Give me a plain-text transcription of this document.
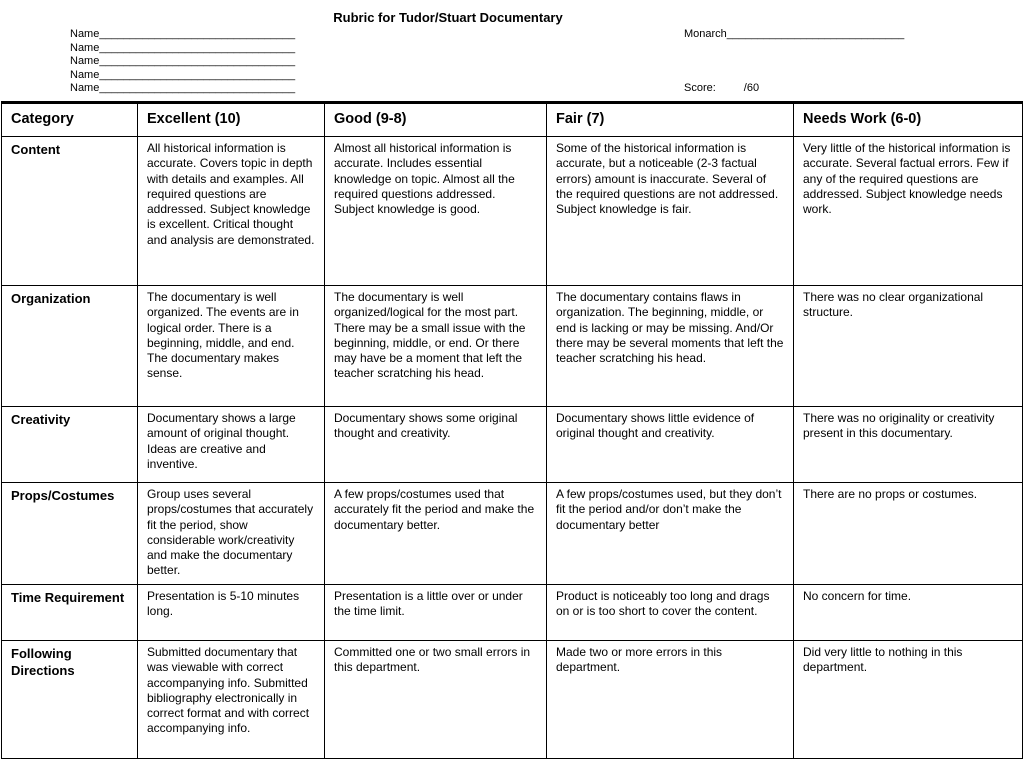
Rubric for Tudor/Stuart Documentary
Name________________________________
Name________________________________
Name________________________________
Name________________________________
Name________________________________
Monarch_____________________________
Score:	/60
Category	Excellent (10)	Good (9-8)	Fair (7)	Needs Work (6-0)
Content	All historical information is accurate. Covers topic in depth with details and examples. All required questions are addressed. Subject knowledge is excellent. Critical thought and analysis are demonstrated.	Almost all historical information is accurate. Includes essential knowledge on topic. Almost all the required questions addressed. Subject knowledge is good.	Some of the historical information is accurate, but a noticeable (2-3 factual errors) amount is inaccurate. Several of the required questions are not addressed. Subject knowledge is fair.	Very little of the historical information is accurate. Several factual errors. Few if any of the required questions are addressed. Subject knowledge needs work.
Organization	The documentary is well organized. The events are in logical order. There is a beginning, middle, and end. The documentary makes sense.	The documentary is well organized/logical for the most part. There may be a small issue with the beginning, middle, or end. Or there may have be a moment that left the teacher scratching his head.	The documentary contains flaws in organization. The beginning, middle, or end is lacking or may be missing. And/Or there may be several moments that left the teacher scratching his head.	There was no clear organizational structure.
Creativity	Documentary shows a large amount of original thought. Ideas are creative and inventive.	Documentary shows some original thought and creativity.	Documentary shows little evidence of original thought and creativity.	There was no originality or creativity present in this documentary.
Props/Costumes	Group uses several props/costumes that accurately fit the period, show considerable work/creativity and make the documentary better.	A few props/costumes used that accurately fit the period and make the documentary better.	A few props/costumes used, but they don’t fit the period and/or don’t make the documentary better	There are no props or costumes.
Time Requirement	Presentation is 5-10 minutes long.	Presentation is a little over or under the time limit.	Product is noticeably too long and drags on or is too short to cover the content.	No concern for time.
Following Directions	Submitted documentary that was viewable with correct accompanying info. Submitted bibliography electronically in correct format and with correct accompanying info.	Committed one or two small errors in this department.	Made two or more errors in this department.	Did very little to nothing in this department.
